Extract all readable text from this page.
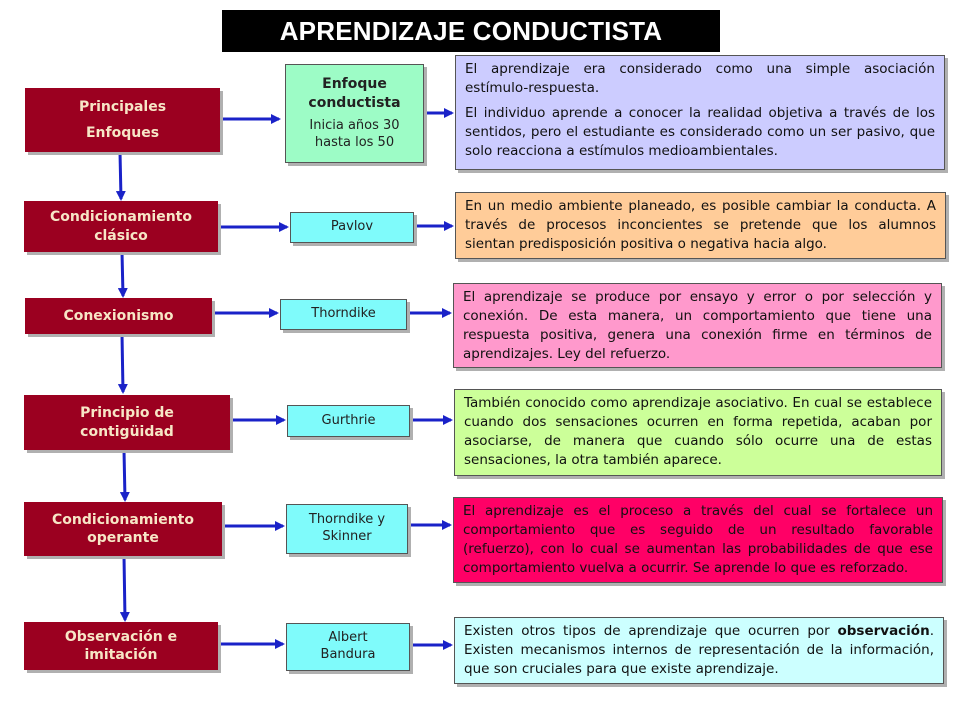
APRENDIZAJE CONDUCTISTA
Principales
Enfoques
Condicionamiento
clásico
Conexionismo
Principio de
contigüidad
Condicionamiento
operante
Observación e
imitación
Enfoque conductista
Inicia años 30 hasta los 50
Pavlov
Thorndike
Gurthrie
Thorndike y Skinner
Albert Bandura

El aprendizaje era considerado como una simple asociación estímulo-respuesta.

El individuo aprende a conocer la realidad objetiva a través de los sentidos, pero el estudiante es considerado como un ser pasivo, que solo reacciona a estímulos medioambientales.

En un medio ambiente planeado, es posible cambiar la conducta. A través de procesos inconcientes se pretende que los alumnos sientan predisposición positiva o negativa hacia algo.
El aprendizaje se produce por ensayo y error o por selección y conexión. De esta manera, un comportamiento que tiene una respuesta positiva, genera una conexión firme en términos de aprendizajes. Ley del refuerzo.
También conocido como aprendizaje asociativo. En cual se establece cuando dos sensaciones ocurren en forma repetida, acaban por asociarse, de manera que cuando sólo ocurre una de estas sensaciones, la otra también aparece.
El aprendizaje es el proceso a través del cual se fortalece un comportamiento que es seguido de un resultado favorable (refuerzo), con lo cual se aumentan las probabilidades de que ese comportamiento vuelva a ocurrir. Se aprende lo que es reforzado.
Existen otros tipos de aprendizaje que ocurren por observación. Existen mecanismos internos de representación de la información, que son cruciales para que existe aprendizaje.
